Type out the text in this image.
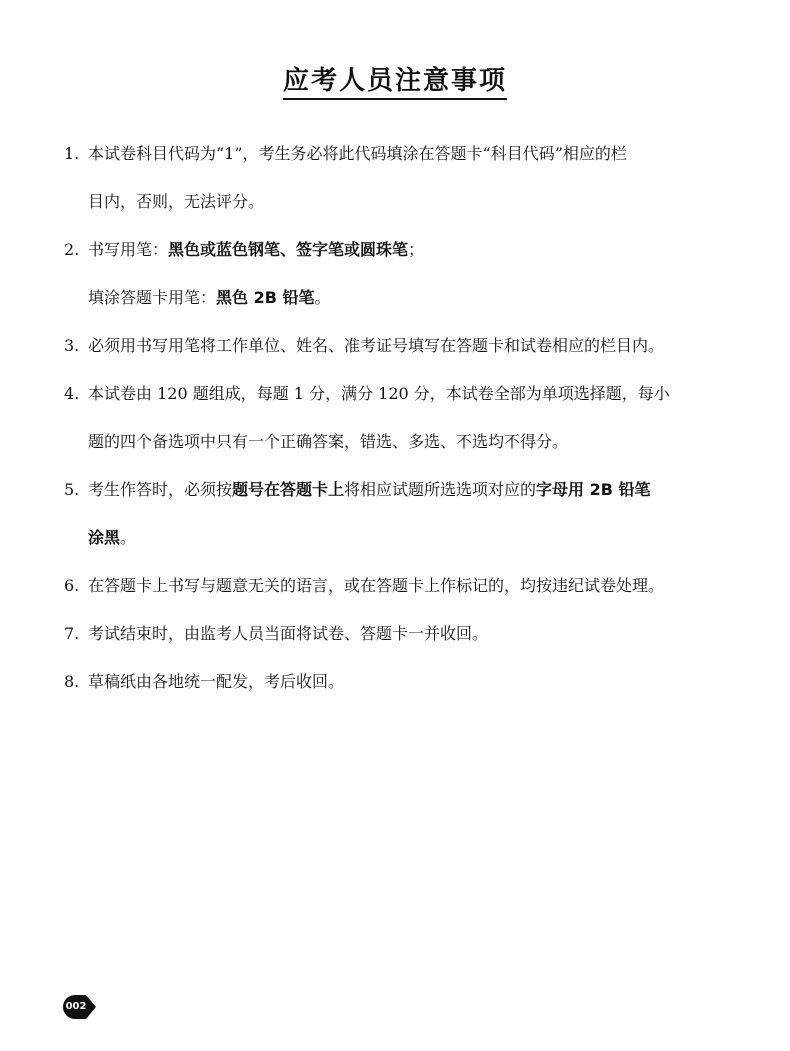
应考人员注意事项
1. 本试卷科目代码为“1”，考生务必将此代码填涂在答题卡“科目代码”相应的栏
目内，否则，无法评分。
2. 书写用笔：黑色或蓝色钢笔、签字笔或圆珠笔；
填涂答题卡用笔：黑色 2B 铅笔。
3. 必须用书写用笔将工作单位、姓名、准考证号填写在答题卡和试卷相应的栏目内。
4. 本试卷由 120 题组成，每题 1 分，满分 120 分，本试卷全部为单项选择题，每小
题的四个备选项中只有一个正确答案，错选、多选、不选均不得分。
5. 考生作答时，必须按题号在答题卡上将相应试题所选选项对应的字母用 2B 铅笔
涂黑。
6. 在答题卡上书写与题意无关的语言，或在答题卡上作标记的，均按违纪试卷处理。
7. 考试结束时，由监考人员当面将试卷、答题卡一并收回。
8. 草稿纸由各地统一配发，考后收回。
002
